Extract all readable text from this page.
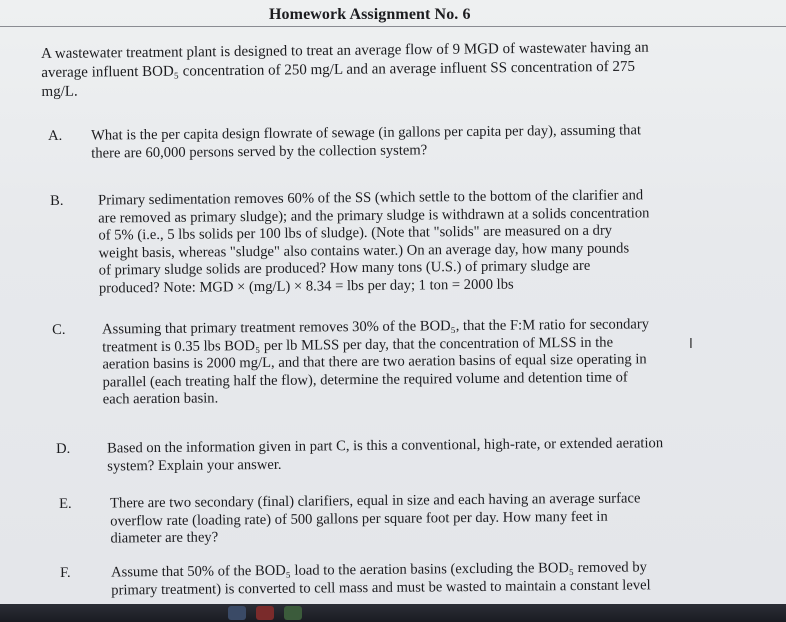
Homework Assignment No. 6
A wastewater treatment plant is designed to treat an average flow of 9 MGD of wastewater having an
average influent BOD₅ concentration of 250 mg/L and an average influent SS concentration of 275
mg/L.
A. What is the per capita design flowrate of sewage (in gallons per capita per day), assuming that
there are 60,000 persons served by the collection system?
B. Primary sedimentation removes 60% of the SS (which settle to the bottom of the clarifier and
are removed as primary sludge); and the primary sludge is withdrawn at a solids concentration
of 5% (i.e., 5 lbs solids per 100 lbs of sludge). (Note that "solids" are measured on a dry
weight basis, whereas "sludge" also contains water.) On an average day, how many pounds
of primary sludge solids are produced? How many tons (U.S.) of primary sludge are
produced? Note: MGD × (mg/L) × 8.34 = lbs per day; 1 ton = 2000 lbs
C. Assuming that primary treatment removes 30% of the BOD₅, that the F:M ratio for secondary
treatment is 0.35 lbs BOD₅ per lb MLSS per day, that the concentration of MLSS in the
aeration basins is 2000 mg/L, and that there are two aeration basins of equal size operating in
parallel (each treating half the flow), determine the required volume and detention time of
each aeration basin.
D.	Based on the information given in part C, is this a conventional, high-rate, or extended aeration
system? Explain your answer.
E.	There are two secondary (final) clarifiers, equal in size and each having an average surface
overflow rate (loading rate) of 500 gallons per square foot per day. How many feet in
diameter are they?
F.	Assume that 50% of the BOD₅ load to the aeration basins (excluding the BOD₅ removed by
primary treatment) is converted to cell mass and must be wasted to maintain a constant level
I
